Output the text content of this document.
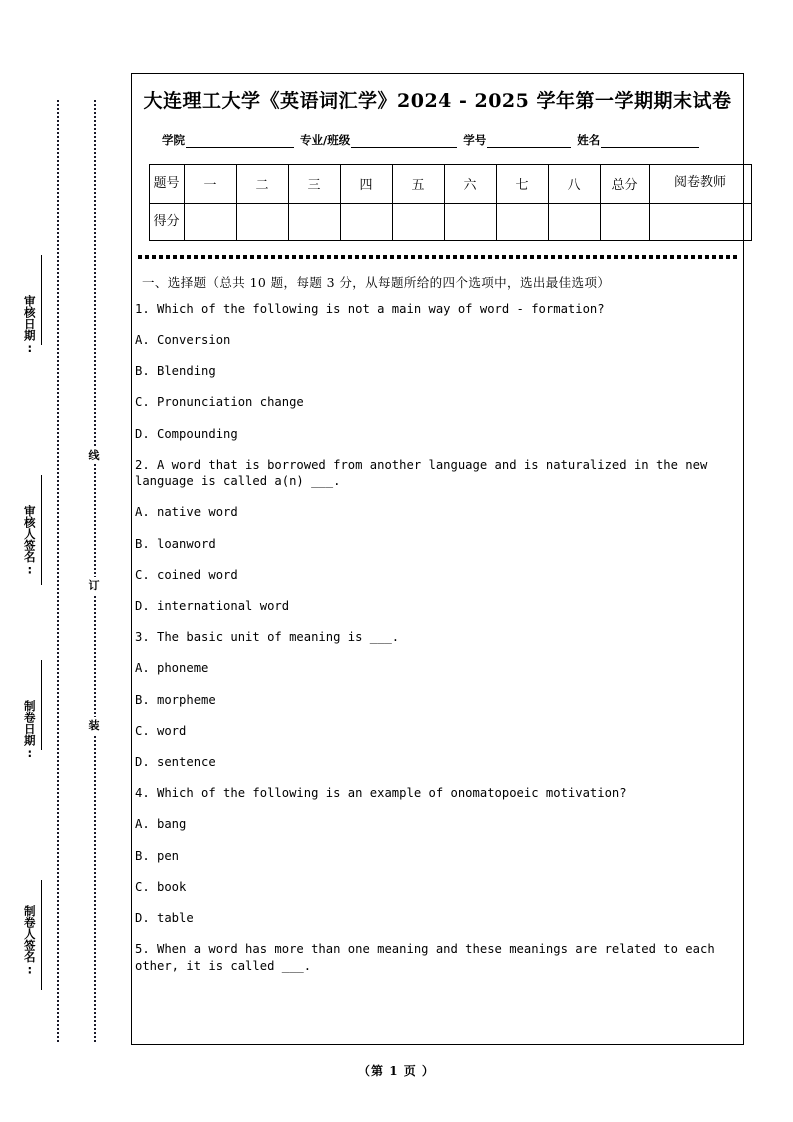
审核日期:
审核人签名:
制卷日期:
制卷人签名:
线
订
装
大连理工大学《英语词汇学》2024 - 2025 学年第一学期期末试卷
学院	专业/班级	学号	姓名
题号	一	二	三	四	五	六	七	八	总分	阅卷教师
得分										
一、选择题（总共 10 题，每题 3 分，从每题所给的四个选项中，选出最佳选项）
1. Which of the following is not a main way of word - formation?
A. Conversion
B. Blending
C. Pronunciation change
D. Compounding
2. A word that is borrowed from another language and is naturalized in the new language is called a(n) ___.
A. native word
B. loanword
C. coined word
D. international word
3. The basic unit of meaning is ___.
A. phoneme
B. morpheme
C. word
D. sentence
4. Which of the following is an example of onomatopoeic motivation?
A. bang
B. pen
C. book
D. table
5. When a word has more than one meaning and these meanings are related to each other, it is called ___.
（第 1 页 ）
